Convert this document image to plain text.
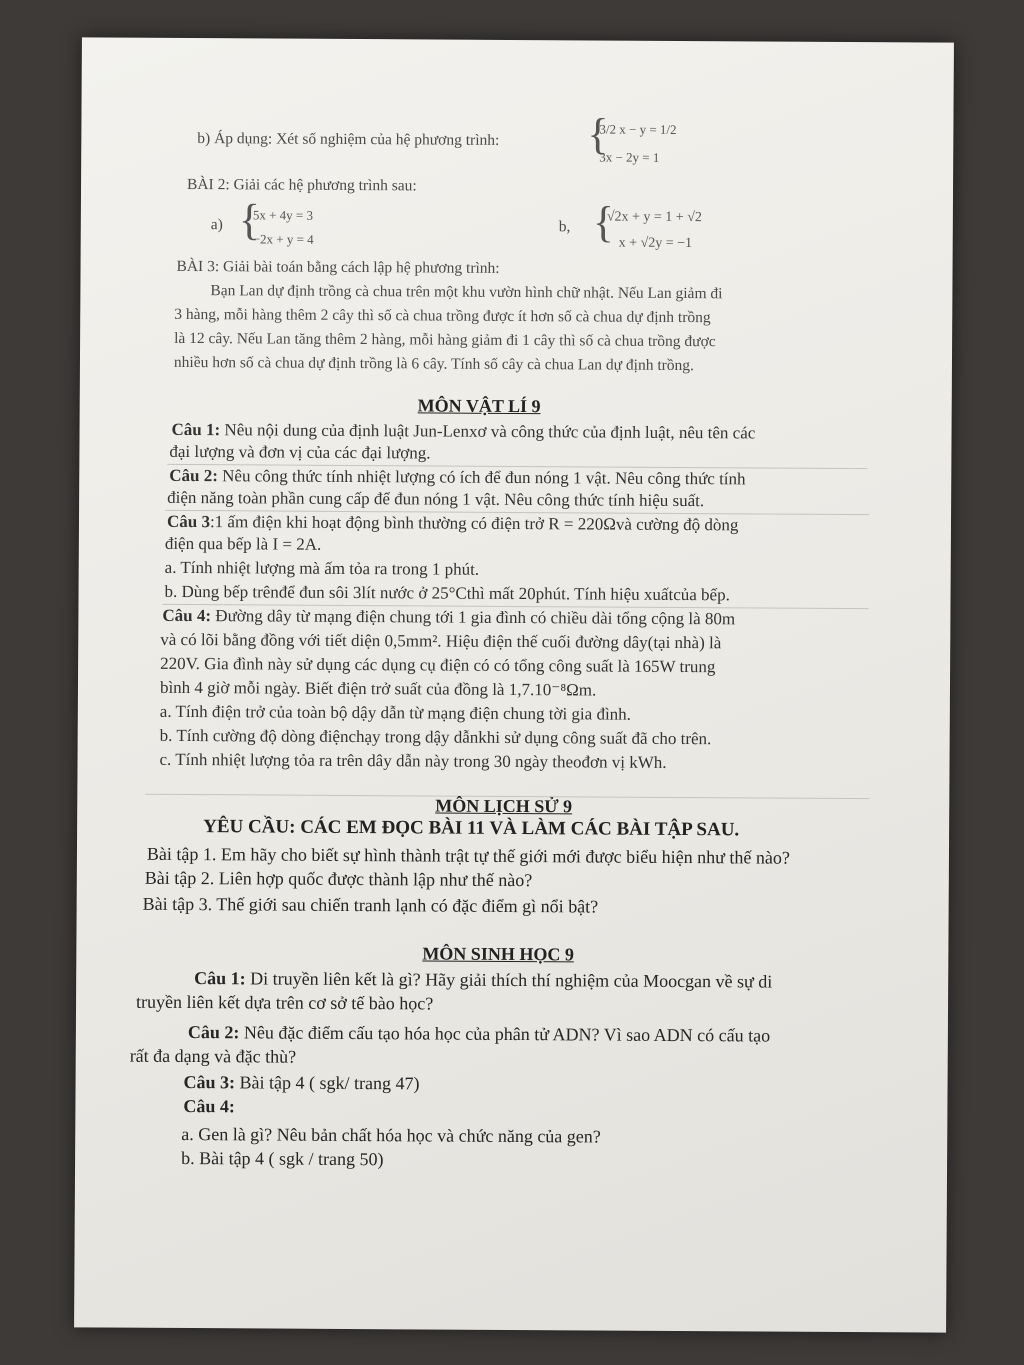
b) Áp dụng: Xét số nghiệm của hệ phương trình: {
3/2 x − y = 1/2
3x − 2y = 1
BÀI 2: Giải các hệ phương trình sau:
a) {
5x + 4y = 3
−2x + y = 4
b, {
√2x + y = 1 + √2
x + √2y = −1
BÀI 3: Giải bài toán bằng cách lập hệ phương trình:
Bạn Lan dự định trồng cà chua trên một khu vườn hình chữ nhật. Nếu Lan giảm đi
3 hàng, mỗi hàng thêm 2 cây thì số cà chua trồng được ít hơn số cà chua dự định trồng
là 12 cây. Nếu Lan tăng thêm 2 hàng, mỗi hàng giảm đi 1 cây thì số cà chua trồng được
nhiều hơn số cà chua dự định trồng là 6 cây. Tính số cây cà chua Lan dự định trồng.
MÔN VẬT LÍ 9
Câu 1: Nêu nội dung của định luật Jun-Lenxơ và công thức của định luật, nêu tên các
đại lượng và đơn vị của các đại lượng.
Câu 2: Nêu công thức tính nhiệt lượng có ích để đun nóng 1 vật. Nêu công thức tính
điện năng toàn phần cung cấp để đun nóng 1 vật. Nêu công thức tính hiệu suất.
Câu 3:1 ấm điện khi hoạt động bình thường có điện trở R = 220Ωvà cường độ dòng
điện qua bếp là I = 2A.
a. Tính nhiệt lượng mà ấm tỏa ra trong 1 phút.
b. Dùng bếp trênđể đun sôi 3lít nước ở 25°Cthì mất 20phút. Tính hiệu xuấtcủa bếp.
Câu 4: Đường dây từ mạng điện chung tới 1 gia đình có chiều dài tổng cộng là 80m
và có lõi bằng đồng với tiết diện 0,5mm². Hiệu điện thế cuối đường dây(tại nhà) là
220V. Gia đình này sử dụng các dụng cụ điện có có tổng công suất là 165W trung
bình 4 giờ mỗi ngày. Biết điện trở suất của đồng là 1,7.10⁻⁸Ωm.
a. Tính điện trở của toàn bộ dậy dẫn từ mạng điện chung tời gia đình.
b. Tính cường độ dòng điệnchạy trong dậy dẫnkhi sử dụng công suất đã cho trên.
c. Tính nhiệt lượng tỏa ra trên dây dẫn này trong 30 ngày theođơn vị kWh.
MÔN LỊCH SỬ 9
YÊU CẦU: CÁC EM ĐỌC BÀI 11 VÀ LÀM CÁC BÀI TẬP SAU.
Bài tập 1. Em hãy cho biết sự hình thành trật tự thế giới mới được biểu hiện như thế nào?
Bài tập 2. Liên hợp quốc được thành lập như thế nào?
Bài tập 3. Thế giới sau chiến tranh lạnh có đặc điểm gì nổi bật?
MÔN SINH HỌC 9
Câu 1: Di truyền liên kết là gì? Hãy giải thích thí nghiệm của Moocgan về sự di
truyền liên kết dựa trên cơ sở tế bào học?
Câu 2: Nêu đặc điểm cấu tạo hóa học của phân tử ADN? Vì sao ADN có cấu tạo
rất đa dạng và đặc thù?
Câu 3: Bài tập 4 ( sgk/ trang 47)
Câu 4:
a. Gen là gì? Nêu bản chất hóa học và chức năng của gen?
b. Bài tập 4 ( sgk / trang 50)
